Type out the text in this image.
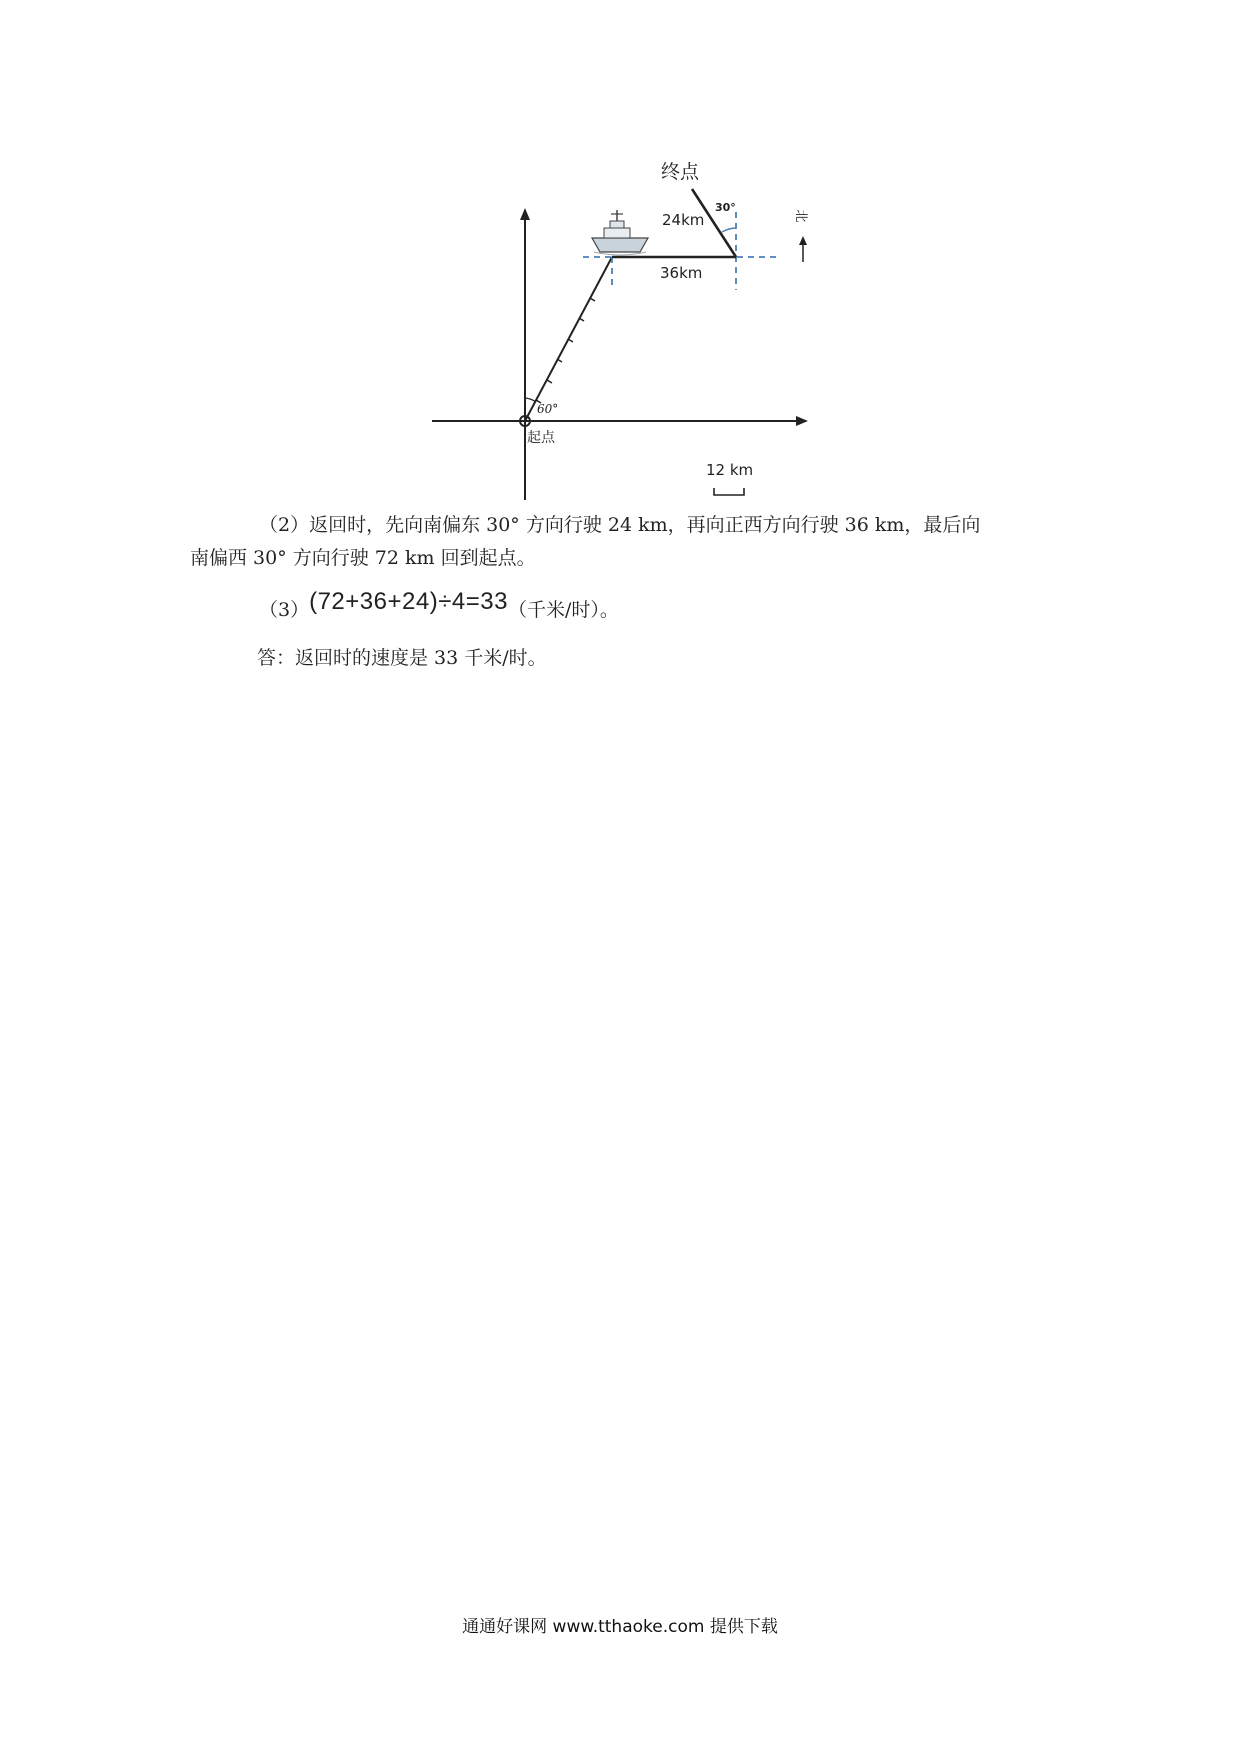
北
终点
起点
24km
36km
30°
60°
12 km
（2）返回时，先向南偏东 30° 方向行驶 24 km，再向正西方向行驶 36 km，最后向
南偏西 30° 方向行驶 72 km 回到起点。
（3）(72+36+24)÷4=33（千米/时）。
答：返回时的速度是 33 千米/时。
通通好课网 www.tthaoke.com 提供下载
